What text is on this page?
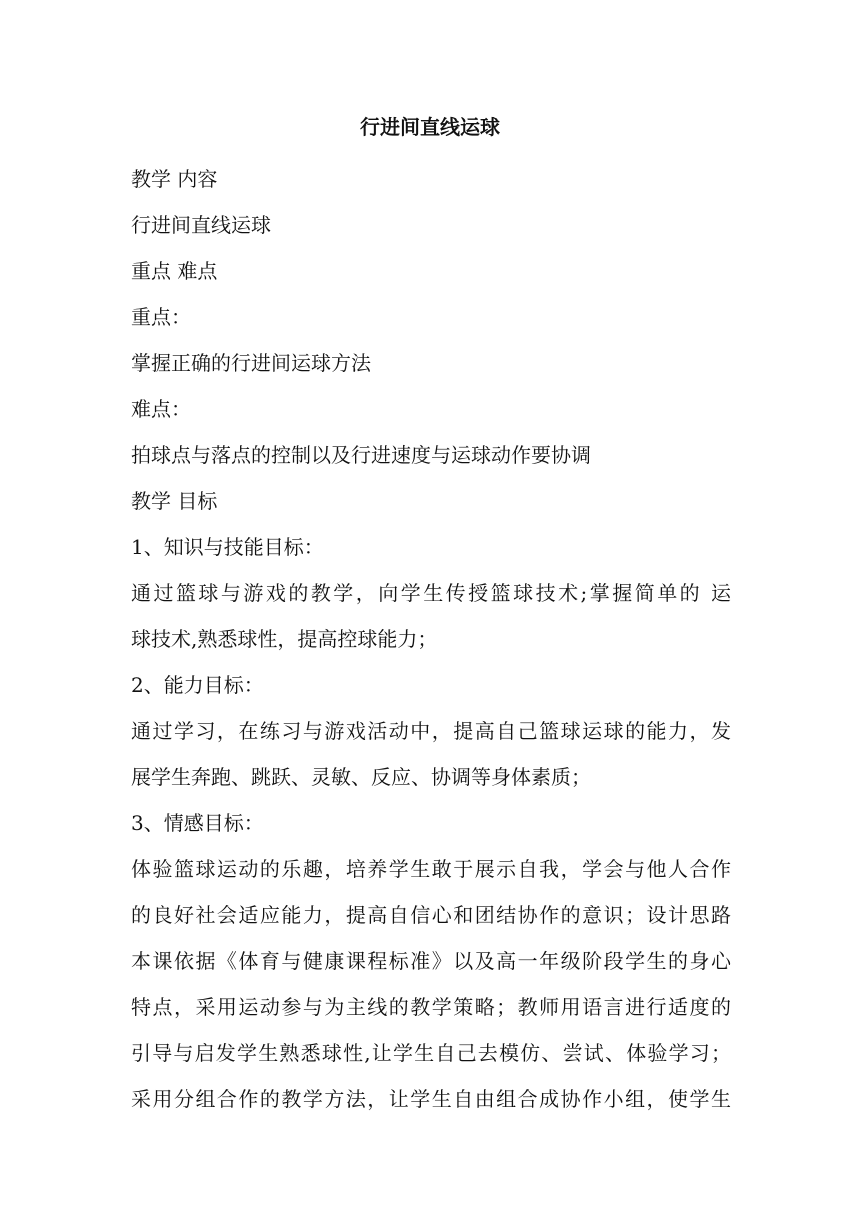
行进间直线运球

教学 内容

行进间直线运球

重点 难点

重点：

掌握正确的行进间运球方法

难点：

拍球点与落点的控制以及行进速度与运球动作要协调

教学 目标

1、知识与技能目标：

通过篮球与游戏的教学，向学生传授篮球技术;掌握简单的 运

球技术,熟悉球性，提高控球能力；

2、能力目标：

通过学习，在练习与游戏活动中，提高自己篮球运球的能力，发

展学生奔跑、跳跃、灵敏、反应、协调等身体素质；

3、情感目标：

体验篮球运动的乐趣，培养学生敢于展示自我，学会与他人合作

的良好社会适应能力，提高自信心和团结协作的意识；设计思路

本课依据《体育与健康课程标准》以及高一年级阶段学生的身心

特点，采用运动参与为主线的教学策略；教师用语言进行适度的

引导与启发学生熟悉球性,让学生自己去模仿、尝试、体验学习；

采用分组合作的教学方法，让学生自由组合成协作小组，使学生
